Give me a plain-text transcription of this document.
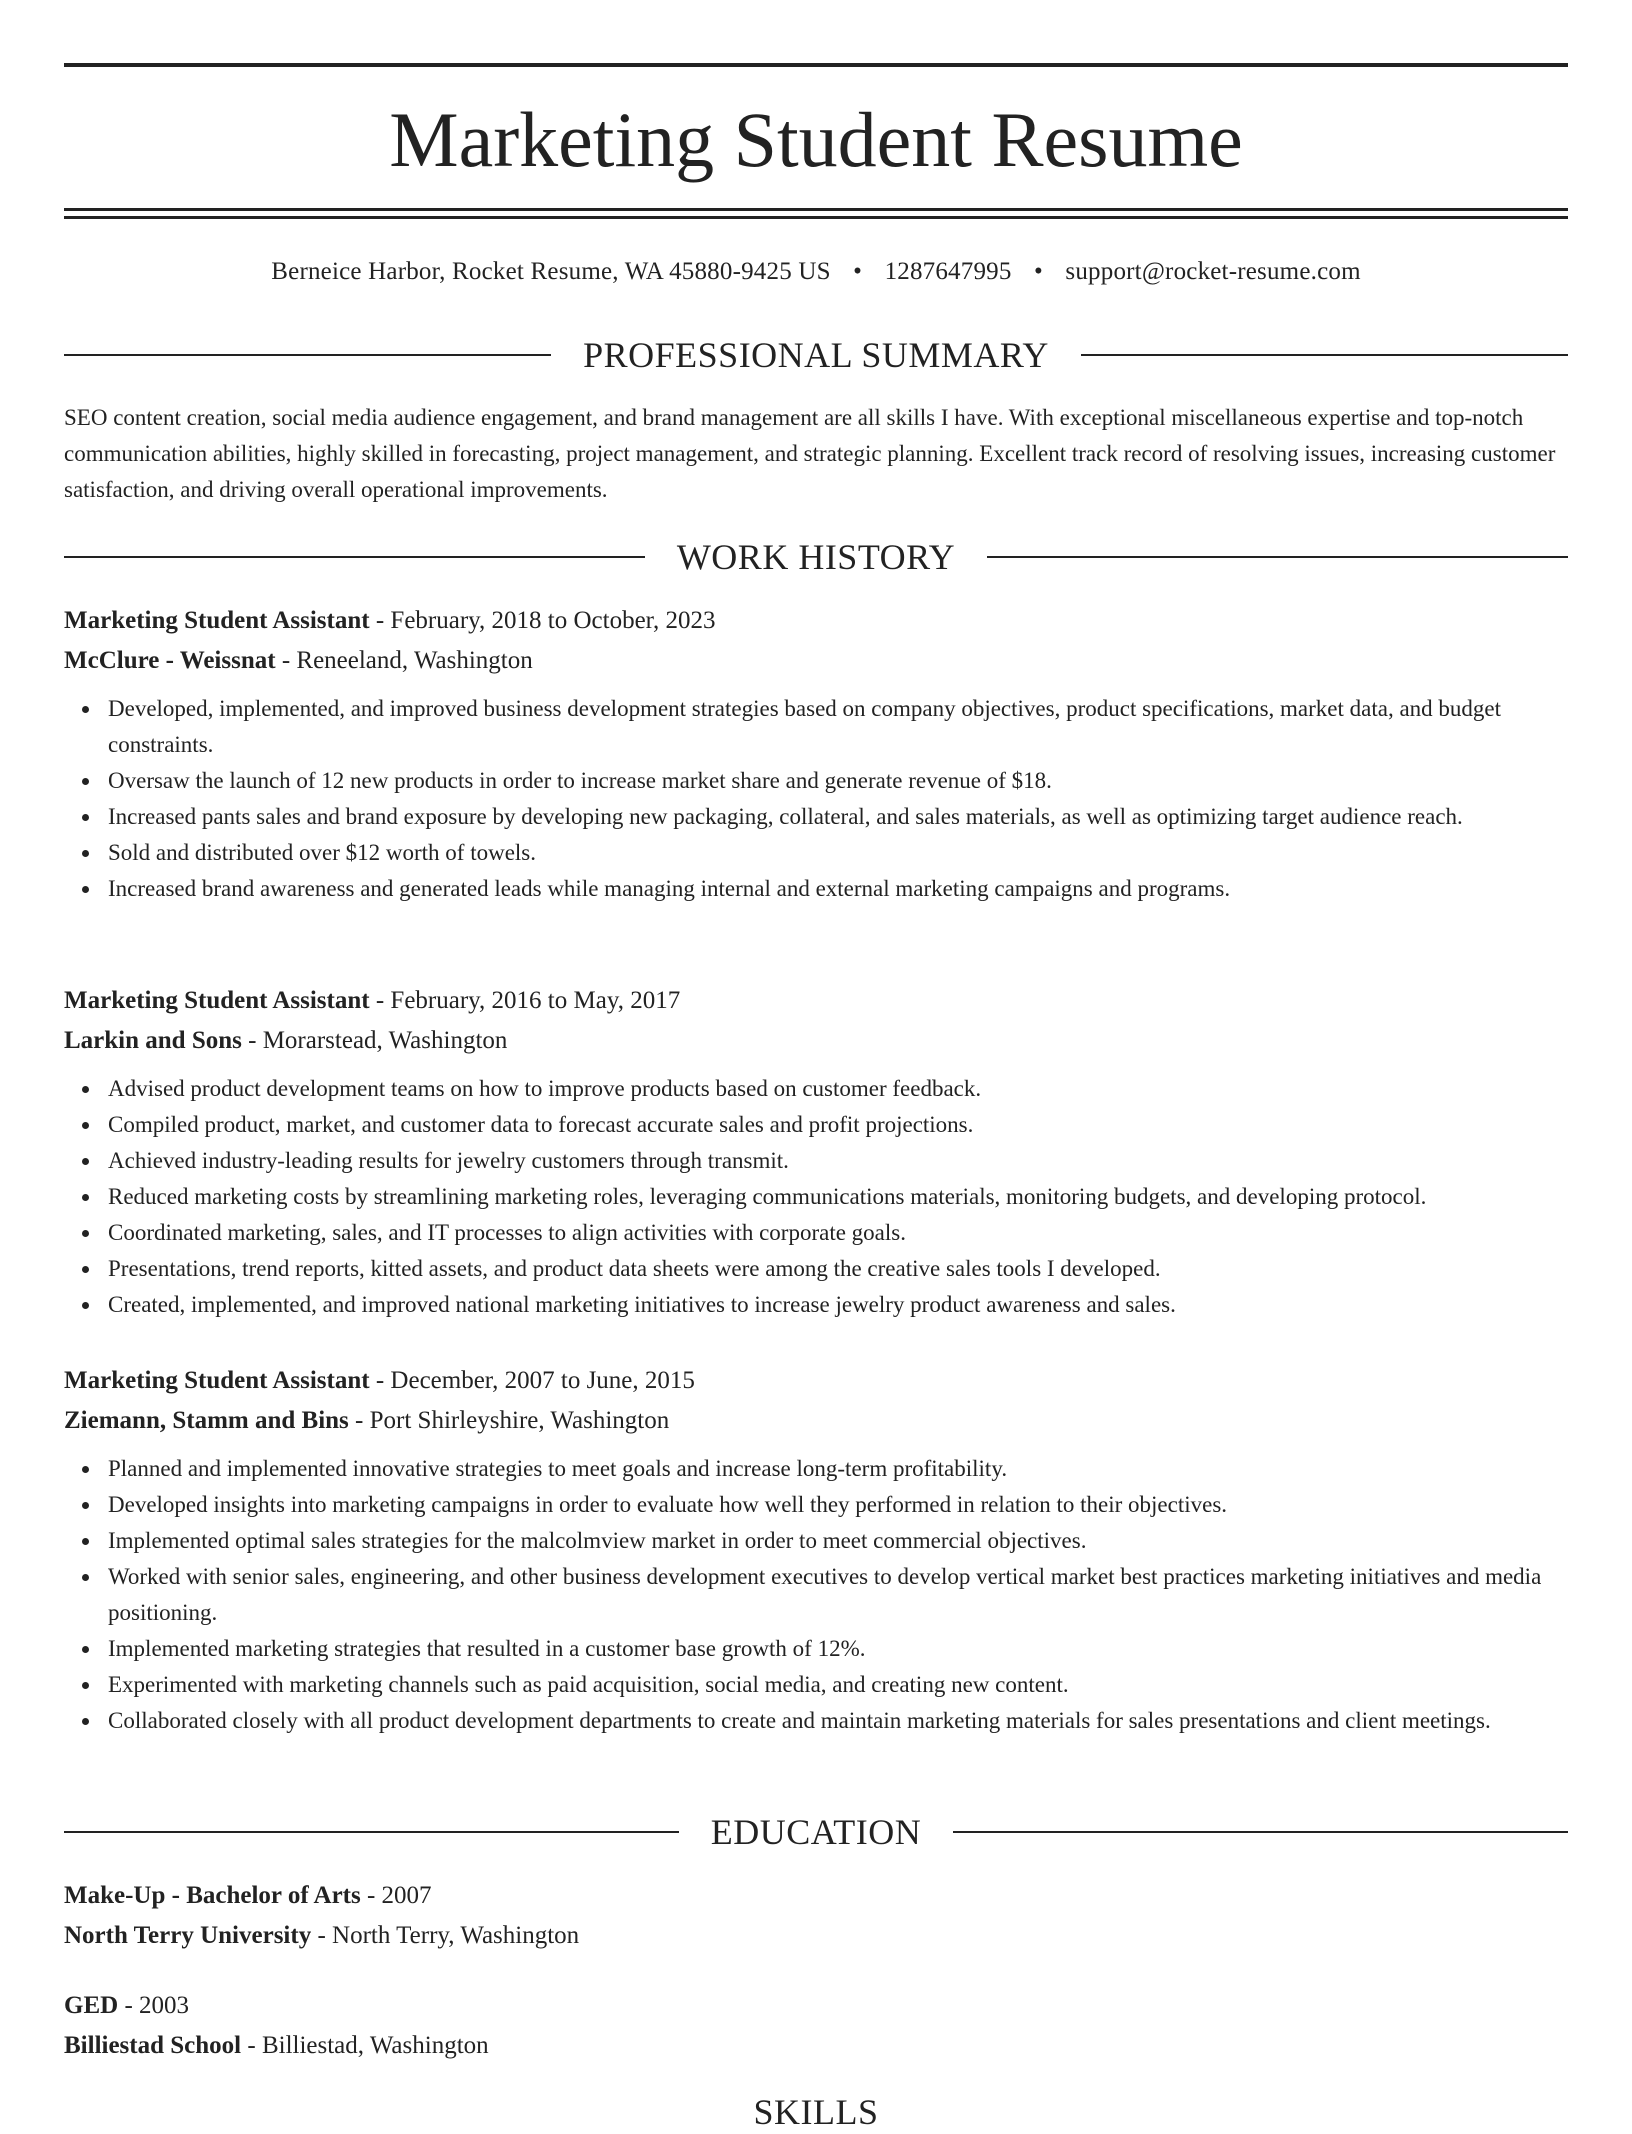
Marketing Student Resume
Berneice Harbor, Rocket Resume, WA 45880-9425 US • 1287647995 • support@rocket-resume.com
PROFESSIONAL SUMMARY

SEO content creation, social media audience engagement, and brand management are all skills I have. With exceptional miscellaneous expertise and top-notch communication abilities, highly skilled in forecasting, project management, and strategic planning. Excellent track record of resolving issues, increasing customer satisfaction, and driving overall operational improvements.

WORK HISTORY

Marketing Student Assistant - February, 2018 to October, 2023

McClure - Weissnat - Reneeland, Washington

Developed, implemented, and improved business development strategies based on company objectives, product specifications, market data, and budget constraints.
Oversaw the launch of 12 new products in order to increase market share and generate revenue of $18.
Increased pants sales and brand exposure by developing new packaging, collateral, and sales materials, as well as optimizing target audience reach.
Sold and distributed over $12 worth of towels.
Increased brand awareness and generated leads while managing internal and external marketing campaigns and programs.

Marketing Student Assistant - February, 2016 to May, 2017

Larkin and Sons - Morarstead, Washington

Advised product development teams on how to improve products based on customer feedback.
Compiled product, market, and customer data to forecast accurate sales and profit projections.
Achieved industry-leading results for jewelry customers through transmit.
Reduced marketing costs by streamlining marketing roles, leveraging communications materials, monitoring budgets, and developing protocol.
Coordinated marketing, sales, and IT processes to align activities with corporate goals.
Presentations, trend reports, kitted assets, and product data sheets were among the creative sales tools I developed.
Created, implemented, and improved national marketing initiatives to increase jewelry product awareness and sales.

Marketing Student Assistant - December, 2007 to June, 2015

Ziemann, Stamm and Bins - Port Shirleyshire, Washington

Planned and implemented innovative strategies to meet goals and increase long-term profitability.
Developed insights into marketing campaigns in order to evaluate how well they performed in relation to their objectives.
Implemented optimal sales strategies for the malcolmview market in order to meet commercial objectives.
Worked with senior sales, engineering, and other business development executives to develop vertical market best practices marketing initiatives and media positioning.
Implemented marketing strategies that resulted in a customer base growth of 12%.
Experimented with marketing channels such as paid acquisition, social media, and creating new content.
Collaborated closely with all product development departments to create and maintain marketing materials for sales presentations and client meetings.
EDUCATION

Make-Up - Bachelor of Arts - 2007

North Terry University - North Terry, Washington

GED - 2003

Billiestad School - Billiestad, Washington

SKILLS
